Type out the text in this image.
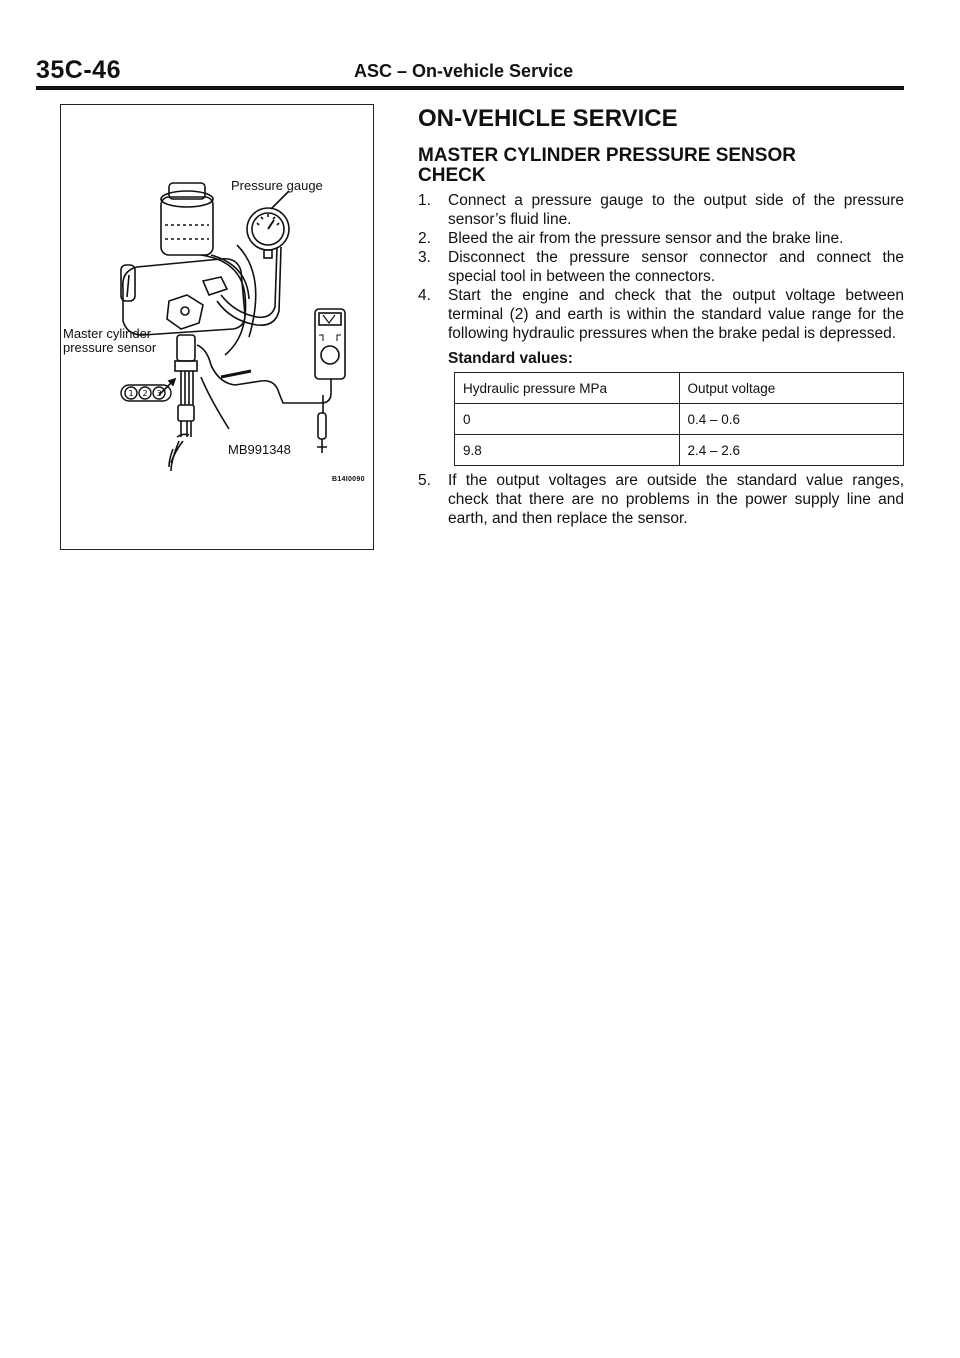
35C-46	ASC – On-vehicle Service
1 2 3
Pressure gauge
Master cylinder
pressure sensor
MB991348
B14I0090
ON-VEHICLE SERVICE
MASTER CYLINDER PRESSURE SENSOR
CHECK
1. Connect a pressure gauge to the output side of the pressure sensor’s fluid line.
2. Bleed the air from the pressure sensor and the brake line.
3. Disconnect the pressure sensor connector and connect the special tool in between the connectors.
4. Start the engine and check that the output voltage between terminal (2) and earth is within the standard value range for the following hydraulic pressures when the brake pedal is depressed.
Standard values:
Hydraulic pressure MPa	Output voltage
0	0.4 – 0.6
9.8	2.4 – 2.6
5. If the output voltages are outside the standard value ranges, check that there are no problems in the power supply line and earth, and then replace the sensor.
